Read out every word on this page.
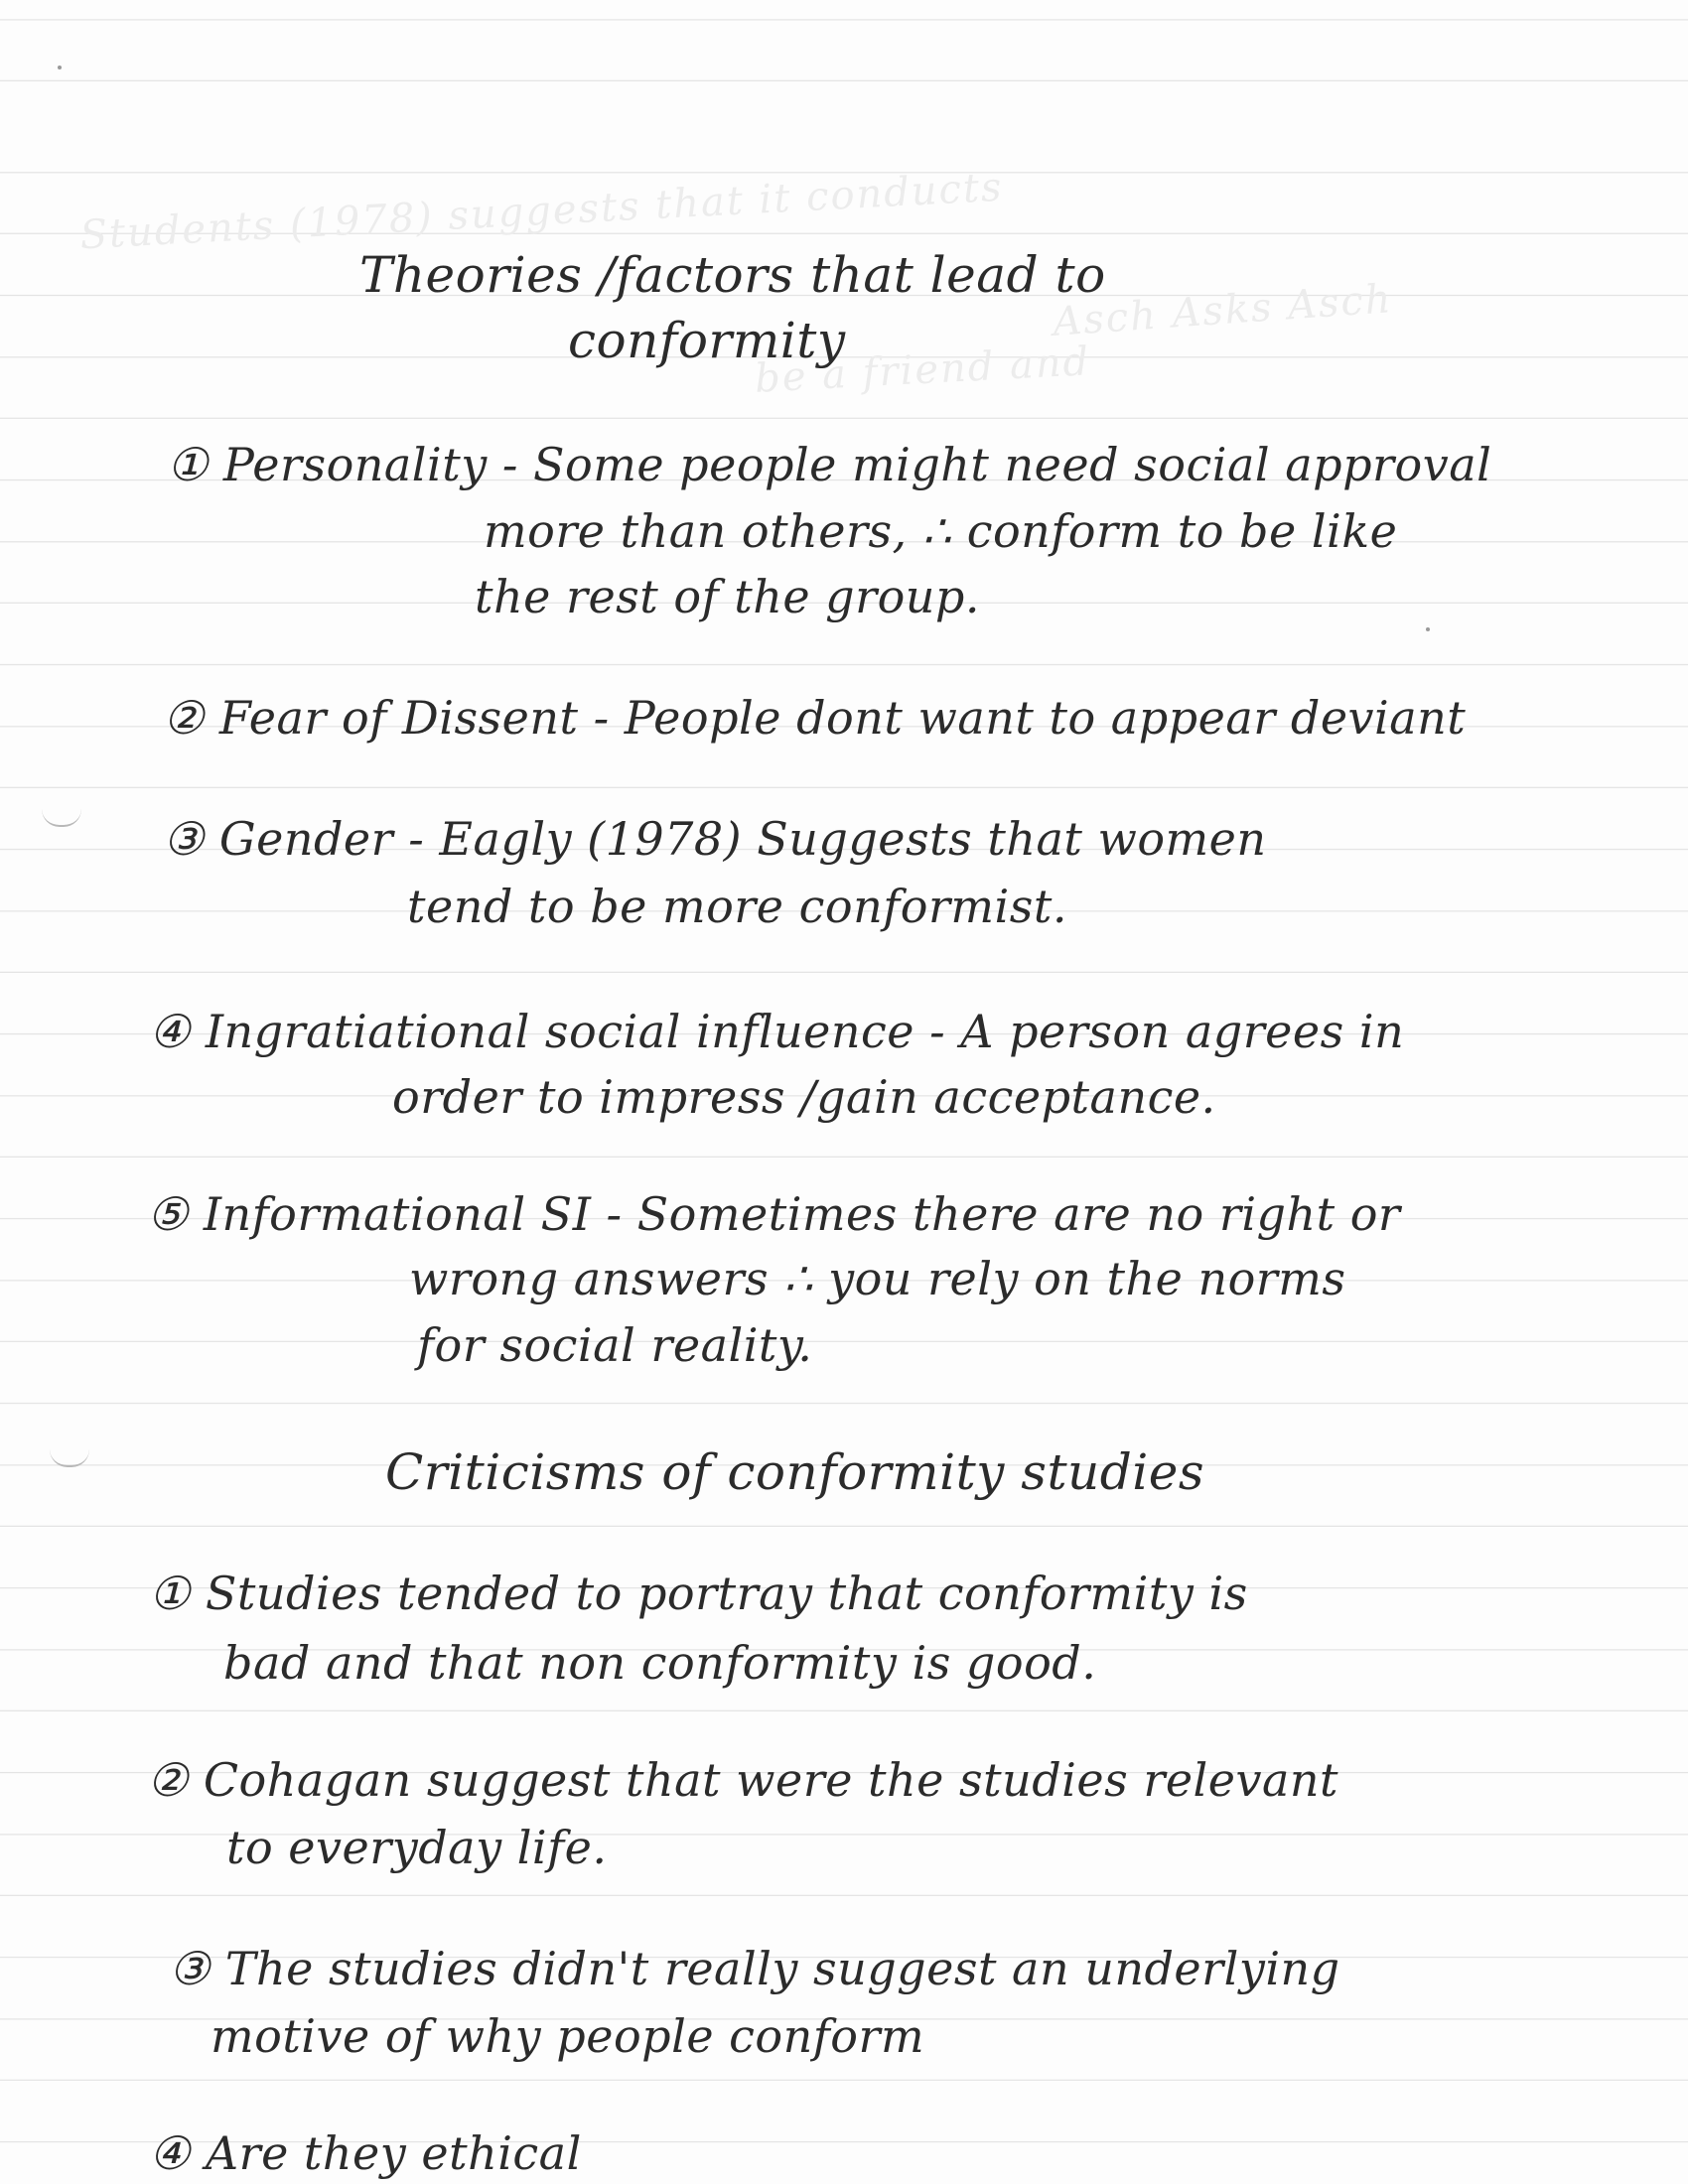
Students (1978) suggests that it conducts
Asch Asks Asch
be a friend and
Theories /factors that lead to
conformity
① Personality - Some people might need social approval
more than others, ∴ conform to be like
the rest of the group.
② Fear of Dissent - People dont want to appear deviant
③ Gender - Eagly (1978) Suggests that women
tend to be more conformist.
④ Ingratiational social influence - A person agrees in
order to impress /gain acceptance.
⑤ Informational SI - Sometimes there are no right or
wrong answers ∴ you rely on the norms
for social reality.
Criticisms of conformity studies
① Studies tended to portray that conformity is
bad and that non conformity is good.
② Cohagan suggest that were the studies relevant
to everyday life.
③ The studies didn't really suggest an underlying
motive of why people conform
④ Are they ethical
